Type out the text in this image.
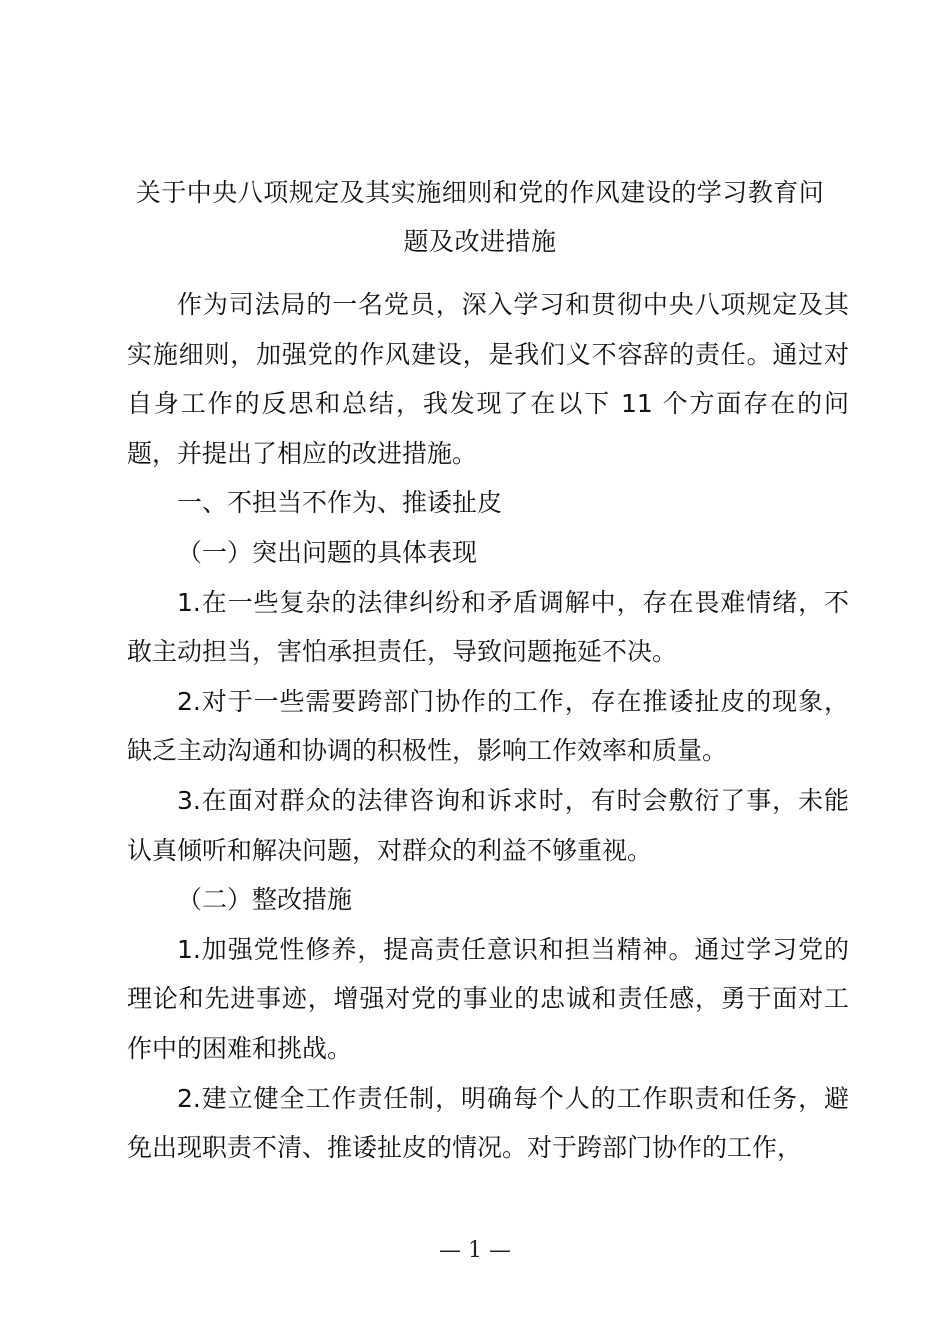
关于中央八项规定及其实施细则和党的作风建设的学习教育问
题及改进措施

作为司法局的一名党员，深入学习和贯彻中央八项规定及其实施细则，加强党的作风建设，是我们义不容辞的责任。通过对自身工作的反思和总结，我发现了在以下 11 个方面存在的问题，并提出了相应的改进措施。

一、不担当不作为、推诿扯皮

（一）突出问题的具体表现

1.在一些复杂的法律纠纷和矛盾调解中，存在畏难情绪，不敢主动担当，害怕承担责任，导致问题拖延不决。

2.对于一些需要跨部门协作的工作，存在推诿扯皮的现象，缺乏主动沟通和协调的积极性，影响工作效率和质量。

3.在面对群众的法律咨询和诉求时，有时会敷衍了事，未能认真倾听和解决问题，对群众的利益不够重视。

（二）整改措施

1.加强党性修养，提高责任意识和担当精神。通过学习党的理论和先进事迹，增强对党的事业的忠诚和责任感，勇于面对工作中的困难和挑战。

2.建立健全工作责任制，明确每个人的工作职责和任务，避免出现职责不清、推诿扯皮的情况。对于跨部门协作的工作，

— 1 —
